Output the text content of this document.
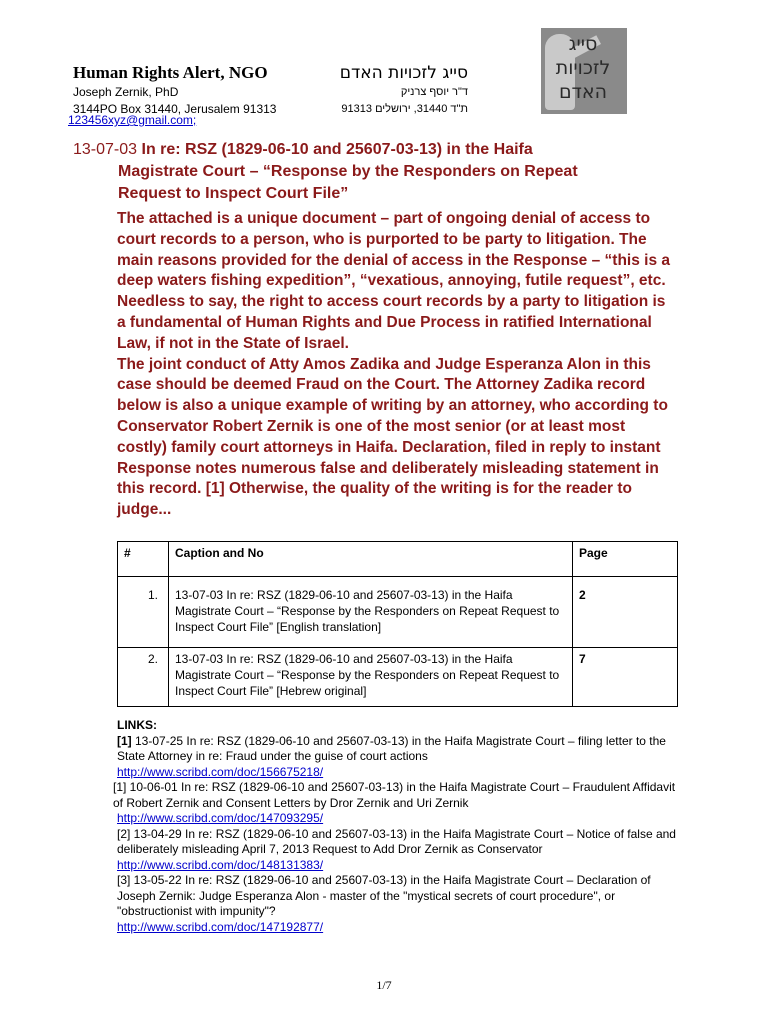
Human Rights Alert, NGO
Joseph Zernik, PhD
3144PO Box 31440, Jerusalem 91313
123456xyz@gmail.com;
סייג לזכויות האדם
ד"ר יוסף צרניק
ת"ד 31440, ירושלים 91313
סייג לזכויות האדם
13-07-03 In re: RSZ (1829-06-10 and 25607-03-13) in the Haifa
Magistrate Court – “Response by the Responders on Repeat
Request to Inspect Court File”

The attached is a unique document – part of ongoing denial of access to court records to a person, who is purported to be party to litigation. The main reasons provided for the denial of access in the Response – “this is a deep waters fishing expedition”, “vexatious, annoying, futile request”, etc. Needless to say, the right to access court records by a party to litigation is a fundamental of Human Rights and Due Process in ratified International Law, if not in the State of Israel.

The joint conduct of Atty Amos Zadika and Judge Esperanza Alon in this case should be deemed Fraud on the Court. The Attorney Zadika record below is also a unique example of writing by an attorney, who according to Conservator Robert Zernik is one of the most senior (or at least most costly) family court attorneys in Haifa. Declaration, filed in reply to instant Response notes numerous false and deliberately misleading statement in this record. [1] Otherwise, the quality of the writing is for the reader to judge...

#	Caption and No	Page
1.	13-07-03 In re: RSZ (1829-06-10 and 25607-03-13) in the Haifa Magistrate Court – “Response by the Responders on Repeat Request to Inspect Court File” [English translation]	2
2.	13-07-03 In re: RSZ (1829-06-10 and 25607-03-13) in the Haifa Magistrate Court – “Response by the Responders on Repeat Request to Inspect Court File” [Hebrew original]	7
LINKS:
[1] 13-07-25 In re: RSZ (1829-06-10 and 25607-03-13) in the Haifa Magistrate Court – filing letter to the State Attorney in re: Fraud under the guise of court actions
http://www.scribd.com/doc/156675218/
[1] 10-06-01 In re: RSZ (1829-06-10 and 25607-03-13) in the Haifa Magistrate Court – Fraudulent Affidavit of Robert Zernik and Consent Letters by Dror Zernik and Uri Zernik
http://www.scribd.com/doc/147093295/
[2] 13-04-29 In re: RSZ (1829-06-10 and 25607-03-13) in the Haifa Magistrate Court – Notice of false and deliberately misleading April 7, 2013 Request to Add Dror Zernik as Conservator
http://www.scribd.com/doc/148131383/
[3] 13-05-22 In re: RSZ (1829-06-10 and 25607-03-13) in the Haifa Magistrate Court – Declaration of Joseph Zernik: Judge Esperanza Alon - master of the "mystical secrets of court procedure", or "obstructionist with impunity"?
http://www.scribd.com/doc/147192877/
1/7
